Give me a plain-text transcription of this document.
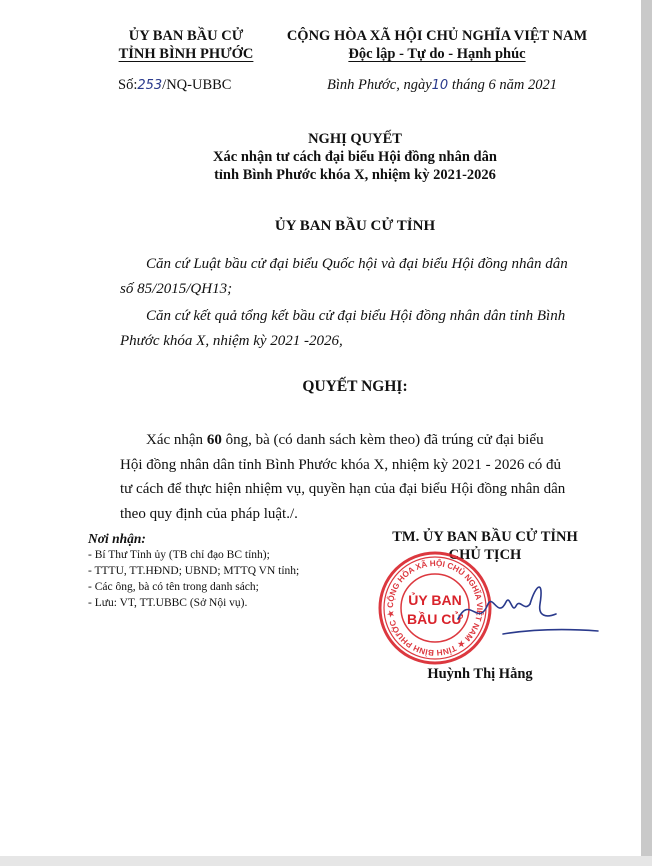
ỦY BAN BẦU CỬ
TỈNH BÌNH PHƯỚC
CỘNG HÒA XÃ HỘI CHỦ NGHĨA VIỆT NAM
Độc lập - Tự do - Hạnh phúc
Số:253/NQ-UBBC	Bình Phước, ngày10 tháng 6 năm 2021
NGHỊ QUYẾT
Xác nhận tư cách đại biểu Hội đồng nhân dân
tỉnh Bình Phước khóa X, nhiệm kỳ 2021-2026
ỦY BAN BẦU CỬ TỈNH
Căn cứ Luật bầu cử đại biểu Quốc hội và đại biểu Hội đồng nhân dân
số 85/2015/QH13;
Căn cứ kết quả tổng kết bầu cử đại biểu Hội đồng nhân dân tỉnh Bình
Phước khóa X, nhiệm kỳ 2021 -2026,
QUYẾT NGHỊ:
Xác nhận 60 ông, bà (có danh sách kèm theo) đã trúng cử đại biểu
Hội đồng nhân dân tỉnh Bình Phước khóa X, nhiệm kỳ 2021 - 2026 có đủ
tư cách để thực hiện nhiệm vụ, quyền hạn của đại biểu Hội đồng nhân dân
theo quy định của pháp luật./.
Nơi nhận:
- Bí Thư Tỉnh ủy (TB chỉ đạo BC tỉnh);
- TTTU, TT.HĐND; UBND; MTTQ VN tỉnh;
- Các ông, bà có tên trong danh sách;
- Lưu: VT, TT.UBBC (Sở Nội vụ).
TM. ỦY BAN BẦU CỬ TỈNH
CHỦ TỊCH
CỘNG HÒA XÃ HỘI CHỦ NGHĨA VIỆT NAM ★ TỈNH BÌNH PHƯỚC ★
ỦY BAN
BẦU CỬ
Huỳnh Thị Hằng
